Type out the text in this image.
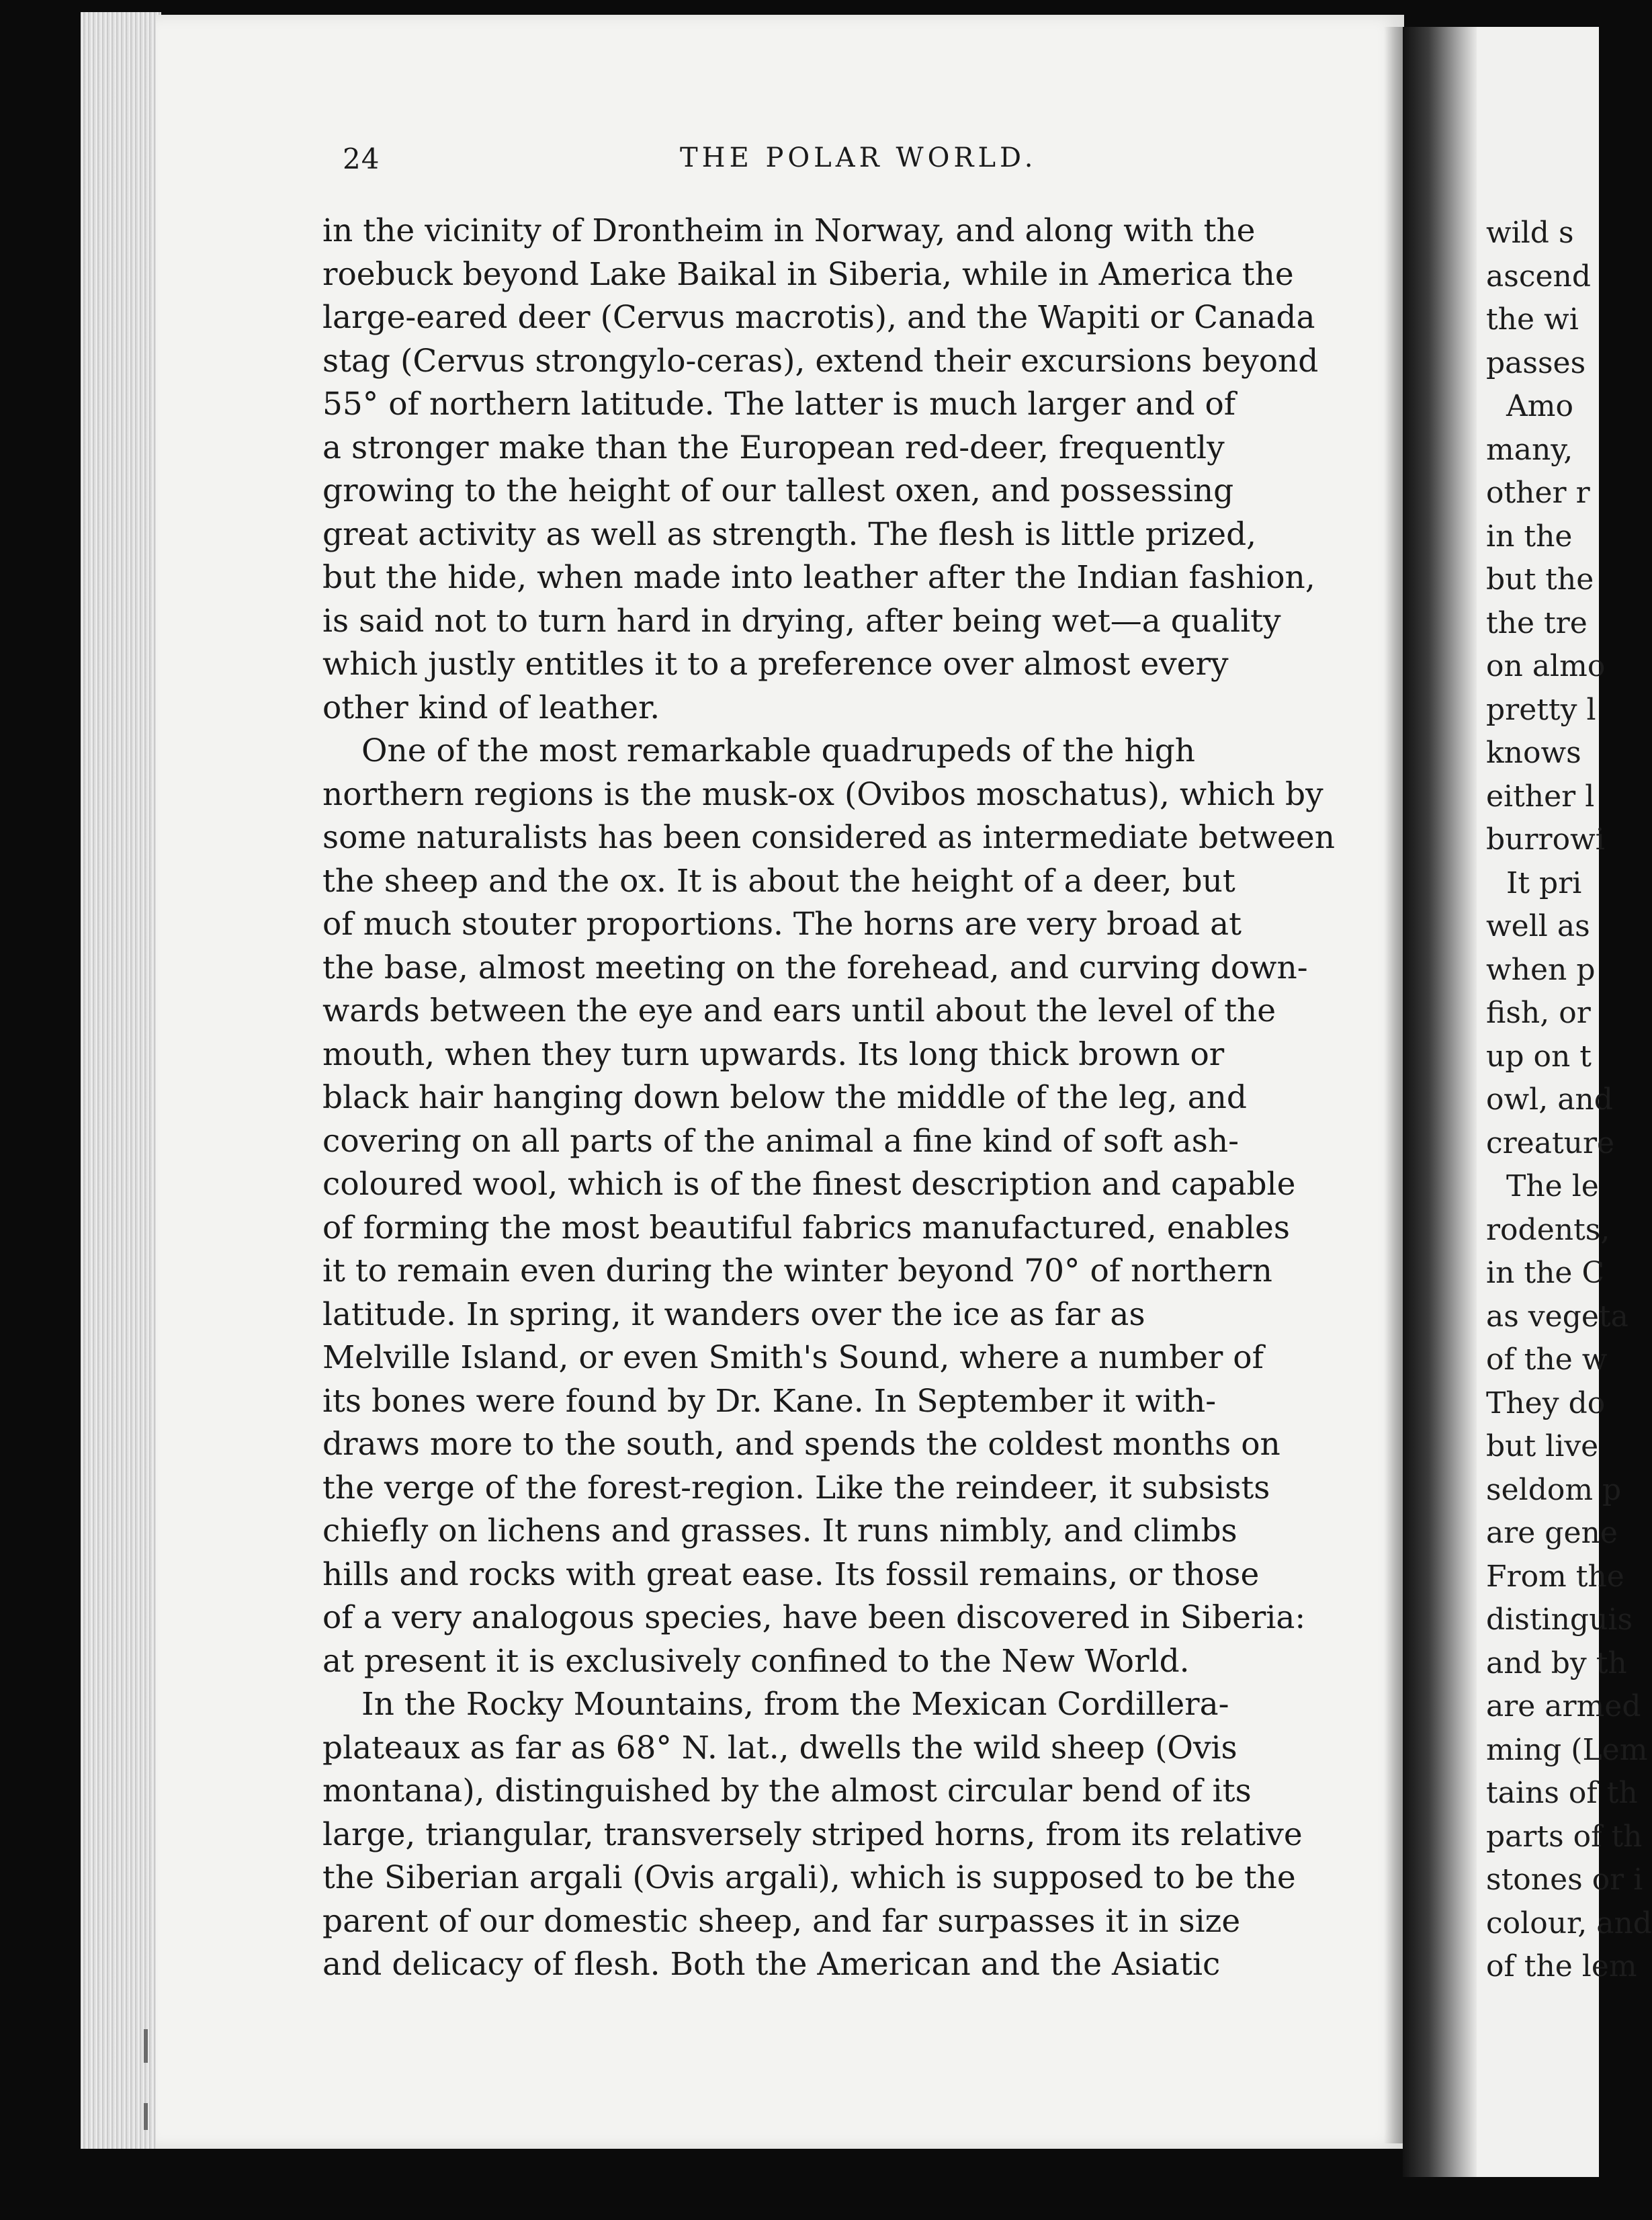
24	THE POLAR WORLD.
in the vicinity of Drontheim in Norway, and along with the
roebuck beyond Lake Baikal in Siberia, while in America the
large-eared deer (Cervus macrotis), and the Wapiti or Canada
stag (Cervus strongylo-ceras), extend their excursions beyond
55° of northern latitude. The latter is much larger and of
a stronger make than the European red-deer, frequently
growing to the height of our tallest oxen, and possessing
great activity as well as strength. The flesh is little prized,
but the hide, when made into leather after the Indian fashion,
is said not to turn hard in drying, after being wet—a quality
which justly entitles it to a preference over almost every
other kind of leather.
One of the most remarkable quadrupeds of the high
northern regions is the musk-ox (Ovibos moschatus), which by
some naturalists has been considered as intermediate between
the sheep and the ox. It is about the height of a deer, but
of much stouter proportions. The horns are very broad at
the base, almost meeting on the forehead, and curving down-
wards between the eye and ears until about the level of the
mouth, when they turn upwards. Its long thick brown or
black hair hanging down below the middle of the leg, and
covering on all parts of the animal a fine kind of soft ash-
coloured wool, which is of the finest description and capable
of forming the most beautiful fabrics manufactured, enables
it to remain even during the winter beyond 70° of northern
latitude. In spring, it wanders over the ice as far as
Melville Island, or even Smith's Sound, where a number of
its bones were found by Dr. Kane. In September it with-
draws more to the south, and spends the coldest months on
the verge of the forest-region. Like the reindeer, it subsists
chiefly on lichens and grasses. It runs nimbly, and climbs
hills and rocks with great ease. Its fossil remains, or those
of a very analogous species, have been discovered in Siberia:
at present it is exclusively confined to the New World.
In the Rocky Mountains, from the Mexican Cordillera-
plateaux as far as 68° N. lat., dwells the wild sheep (Ovis
montana), distinguished by the almost circular bend of its
large, triangular, transversely striped horns, from its relative
the Siberian argali (Ovis argali), which is supposed to be the
parent of our domestic sheep, and far surpasses it in size
and delicacy of flesh. Both the American and the Asiatic
wild s
ascend
the wi
passes
Amo
many,
other r
in the
but the
the tre
on almo
pretty l
knows
either l
burrowi
It pri
well as
when p
fish, or
up on t
owl, and
creature
The le
rodents,
in the C
as vegeta
of the w
They do
but live
seldom p
are gene
From the
distinguis
and by th
are armed
ming (Lem
tains of th
parts of th
stones or i
colour, and
of the lem
